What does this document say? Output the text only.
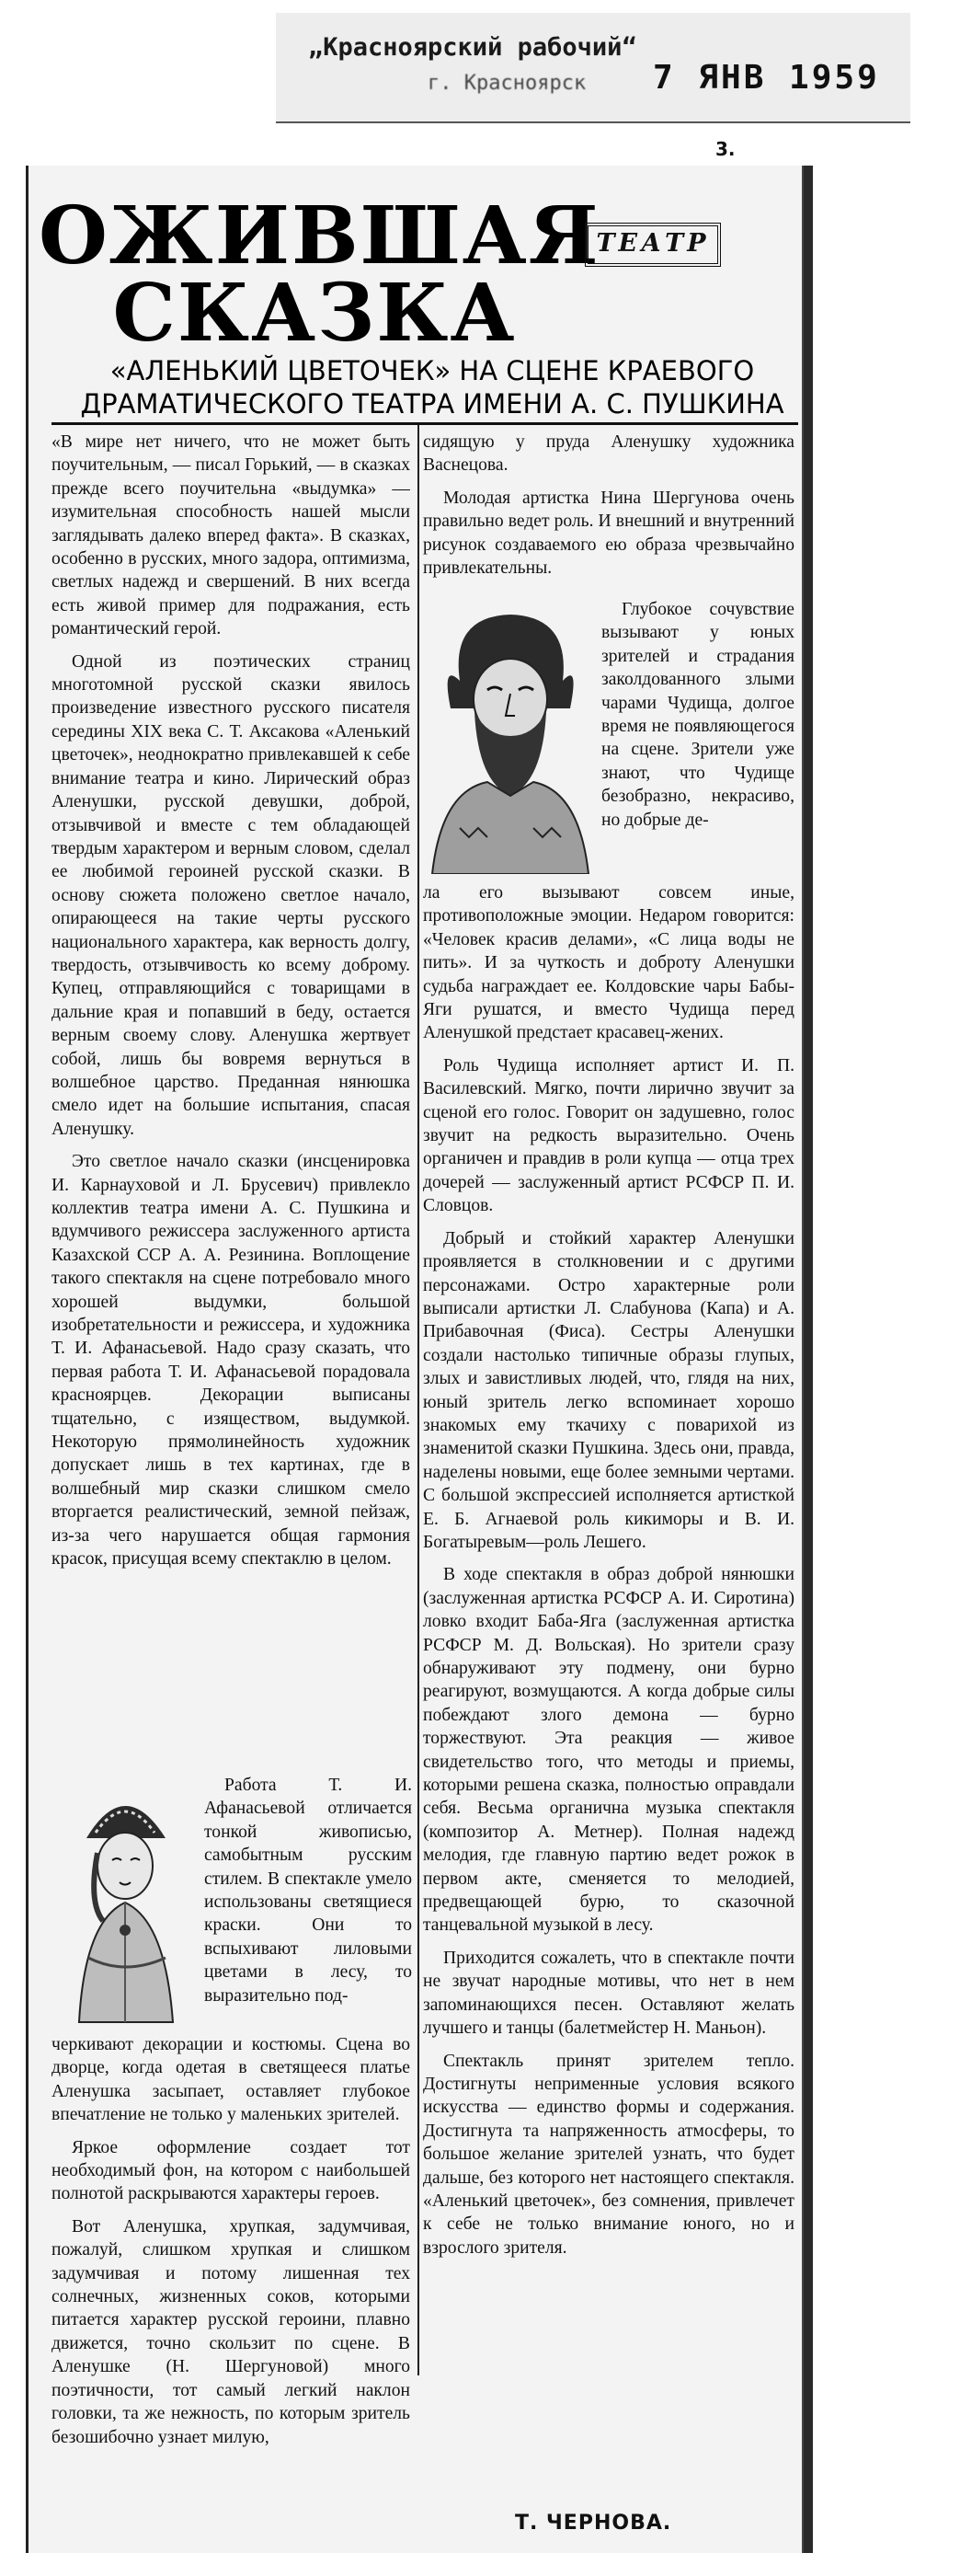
„Красноярский рабочий“
г. Красноярск 7 ЯНВ 1959
3.
ОЖИВШАЯ СКАЗКА
ТЕАТР
«АЛЕНЬКИЙ ЦВЕТОЧЕК» НА СЦЕНЕ КРАЕВОГО ДРАМАТИЧЕСКОГО ТЕАТРА ИМЕНИ А. С. ПУШКИНА

«В мире нет ничего, что не может быть поучительным, — писал Горький, — в сказках прежде всего поучительна «выдумка» — изумительная способность нашей мысли заглядывать далеко вперед факта». В сказках, особенно в русских, много задора, оптимизма, светлых надежд и свершений. В них всегда есть живой пример для подражания, есть романтический герой.

Одной из поэтических страниц многотомной русской сказки явилось произведение известного русского писателя середины XIX века С. Т. Аксакова «Аленький цветочек», неоднократно привлекавшей к себе внимание театра и кино. Лирический образ Аленушки, русской девушки, доброй, отзывчивой и вместе с тем обладающей твердым характером и верным словом, сделал ее любимой героиней русской сказки. В основу сюжета положено светлое начало, опирающееся на такие черты русского национального характера, как верность долгу, твердость, отзывчивость ко всему доброму. Купец, отправляющийся с товарищами в дальние края и попавший в беду, остается верным своему слову. Аленушка жертвует собой, лишь бы вовремя вернуться в волшебное царство. Преданная нянюшка смело идет на большие испытания, спасая Аленушку.

Это светлое начало сказки (инсценировка И. Карнауховой и Л. Брусевич) привлекло коллектив театра имени А. С. Пушкина и вдумчивого режиссера заслуженного артиста Казахской ССР А. А. Резинина. Воплощение такого спектакля на сцене потребовало много хорошей выдумки, большой изобретательности и режиссера, и художника Т. И. Афанасьевой. Надо сразу сказать, что первая работа Т. И. Афанасьевой порадовала красноярцев. Декорации выписаны тщательно, с изяществом, выдумкой. Некоторую прямолинейность художник допускает лишь в тех картинах, где в волшебный мир сказки слишком смело вторгается реалистический, земной пейзаж, из-за чего нарушается общая гармония красок, присущая всему спектаклю в целом.

Работа Т. И. Афанасьевой отличается тонкой живописью, самобытным русским стилем. В спектакле умело использованы светящиеся краски. Они то вспыхивают лиловыми цветами в лесу, то выразительно под-

черкивают декорации и костюмы. Сцена во дворце, когда одетая в светящееся платье Аленушка засыпает, оставляет глубокое впечатление не только у маленьких зрителей.

Яркое оформление создает тот необходимый фон, на котором с наибольшей полнотой раскрываются характеры героев.

Вот Аленушка, хрупкая, задумчивая, пожалуй, слишком хрупкая и слишком задумчивая и потому лишенная тех солнечных, жизненных соков, которыми питается характер русской героини, плавно движется, точно скользит по сцене. В Аленушке (Н. Шергуновой) много поэтичности, тот самый легкий наклон головки, та же нежность, по которым зритель безошибочно узнает милую,

сидящую у пруда Аленушку художника Васнецова.

Молодая артистка Нина Шергунова очень правильно ведет роль. И внешний и внутренний рисунок создаваемого ею образа чрезвычайно привлекательны.

Глубокое сочувствие вызывают у юных зрителей и страдания заколдованного злыми чарами Чудища, долгое время не появляющегося на сцене. Зрители уже знают, что Чудище безобразно, некрасиво, но добрые де-

ла его вызывают совсем иные, противоположные эмоции. Недаром говорится: «Человек красив делами», «С лица воды не пить». И за чуткость и доброту Аленушки судьба награждает ее. Колдовские чары Бабы-Яги рушатся, и вместо Чудища перед Аленушкой предстает красавец-жених.

Роль Чудища исполняет артист И. П. Василевский. Мягко, почти лирично звучит за сценой его голос. Говорит он задушевно, голос звучит на редкость выразительно. Очень органичен и правдив в роли купца — отца трех дочерей — заслуженный артист РСФСР П. И. Словцов.

Добрый и стойкий характер Аленушки проявляется в столкновении и с другими персонажами. Остро характерные роли выписали артистки Л. Слабунова (Капа) и А. Прибавочная (Фиса). Сестры Аленушки создали настолько типичные образы глупых, злых и завистливых людей, что, глядя на них, юный зритель легко вспоминает хорошо знакомых ему ткачиху с поварихой из знаменитой сказки Пушкина. Здесь они, правда, наделены новыми, еще более земными чертами. С большой экспрессией исполняется артисткой Е. Б. Агнаевой роль кикиморы и В. И. Богатыревым—роль Лешего.

В ходе спектакля в образ доброй нянюшки (заслуженная артистка РСФСР А. И. Сиротина) ловко входит Баба-Яга (заслуженная артистка РСФСР М. Д. Вольская). Но зрители сразу обнаруживают эту подмену, они бурно реагируют, возмущаются. А когда добрые силы побеждают злого демона — бурно торжествуют. Эта реакция — живое свидетельство того, что методы и приемы, которыми решена сказка, полностью оправдали себя. Весьма органична музыка спектакля (композитор А. Метнер). Полная надежд мелодия, где главную партию ведет рожок в первом акте, сменяется то мелодией, предвещающей бурю, то сказочной танцевальной музыкой в лесу.

Приходится сожалеть, что в спектакле почти не звучат народные мотивы, что нет в нем запоминающихся песен. Оставляют желать лучшего и танцы (балетмейстер Н. Маньон).

Спектакль принят зрителем тепло. Достигнуты неприменные условия всякого искусства — единство формы и содержания. Достигнута та напряженность атмосферы, то большое желание зрителей узнать, что будет дальше, без которого нет настоящего спектакля. «Аленький цветочек», без сомнения, привлечет к себе не только внимание юного, но и взрослого зрителя.

Т. ЧЕРНОВА.
